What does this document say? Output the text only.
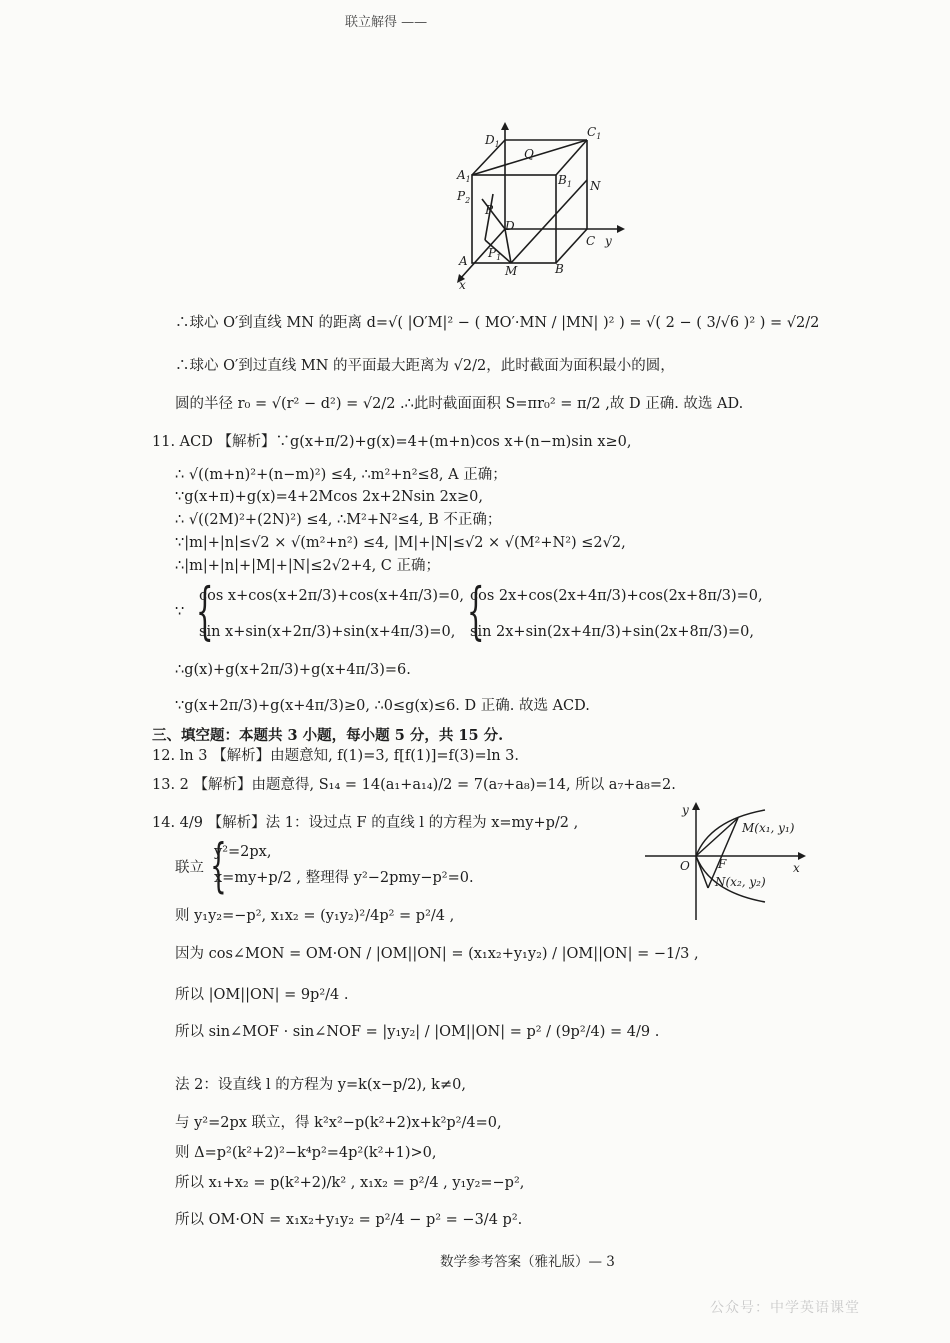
联立解得 ——
$D_1$
$C_1$
Q
$A_1$	$B_1$ N
$P_2$
P
D
C y
$P_1$
A
M	B
x
∴球心 O′到直线 MN 的距离 d=√( |O′M|² − ( MO′·MN / |MN| )² ) = √( 2 − ( 3/√6 )² ) = √2/2
∴球心 O′到过直线 MN 的平面最大距离为 √2/2，此时截面为面积最小的圆，
圆的半径 r₀ = √(r² − d²) = √2/2 .∴此时截面面积 S=πr₀² = π/2 ,故 D 正确. 故选 AD.
11. ACD 【解析】∵g(x+π/2)+g(x)=4+(m+n)cos x+(n−m)sin x≥0,
∴ √((m+n)²+(n−m)²) ≤4, ∴m²+n²≤8, A 正确；
∵g(x+π)+g(x)=4+2Mcos 2x+2Nsin 2x≥0,
∴ √((2M)²+(2N)²) ≤4, ∴M²+N²≤4, B 不正确；
∵|m|+|n|≤√2 × √(m²+n²) ≤4, |M|+|N|≤√2 × √(M²+N²) ≤2√2,
∴|m|+|n|+|M|+|N|≤2√2+4, C 正确；
∵ {
cos x+cos(x+2π/3)+cos(x+4π/3)=0,
sin x+sin(x+2π/3)+sin(x+4π/3)=0, {
cos 2x+cos(2x+4π/3)+cos(2x+8π/3)=0,
sin 2x+sin(2x+4π/3)+sin(2x+8π/3)=0,
∴g(x)+g(x+2π/3)+g(x+4π/3)=6.
∵g(x+2π/3)+g(x+4π/3)≥0, ∴0≤g(x)≤6. D 正确. 故选 ACD.
三、填空题：本题共 3 小题，每小题 5 分，共 15 分.
12. ln 3 【解析】由题意知, f(1)=3, f[f(1)]=f(3)=ln 3.
13. 2 【解析】由题意得, S₁₄ = 14(a₁+a₁₄)/2 = 7(a₇+a₈)=14, 所以 a₇+a₈=2.
14. 4/9 【解析】法 1：设过点 F 的直线 l 的方程为 x=my+p/2 ,
{
y²=2px,
联立
x=my+p/2 , 整理得 y²−2pmy−p²=0.
则 y₁y₂=−p², x₁x₂ = (y₁y₂)²/4p² = p²/4 ,
因为 cos∠MON = OM·ON / |OM||ON| = (x₁x₂+y₁y₂) / |OM||ON| = −1/3 ,
所以 |OM||ON| = 9p²/4 .
所以 sin∠MOF · sin∠NOF = |y₁y₂| / |OM||ON| = p² / (9p²/4) = 4/9 .
法 2：设直线 l 的方程为 y=k(x−p/2), k≠0,
与 y²=2px 联立，得 k²x²−p(k²+2)x+k²p²/4=0,
则 Δ=p²(k²+2)²−k⁴p²=4p²(k²+1)>0,
所以 x₁+x₂ = p(k²+2)/k² , x₁x₂ = p²/4 , y₁y₂=−p²,
所以 OM·ON = x₁x₂+y₁y₂ = p²/4 − p² = −3/4 p².
y
O F	x
M(x₁, y₁)
N(x₂, y₂)
数学参考答案（雅礼版）— 3
公众号：中学英语课堂
